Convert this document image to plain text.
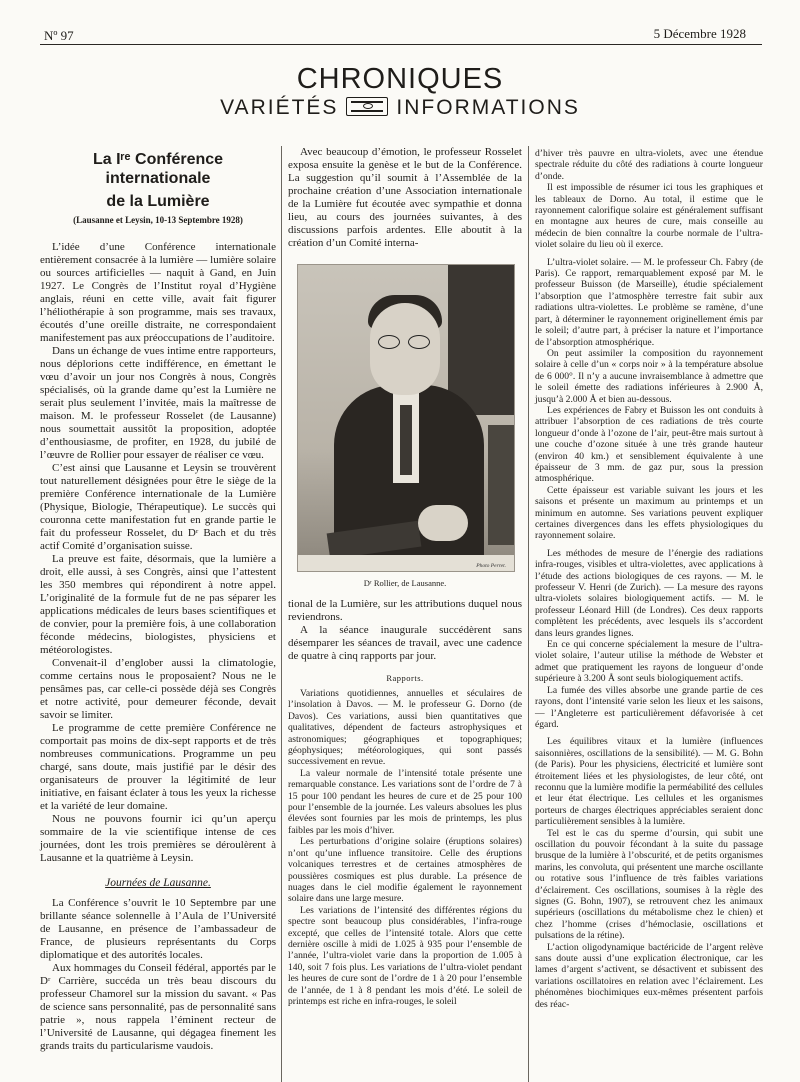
Nº 97	5 Décembre 1928
CHRONIQUES
VARIÉTÉS	INFORMATIONS
La Iʳᵉ Conférence internationale
de la Lumière
(Lausanne et Leysin, 10-13 Septembre 1928)

L’idée d’une Conférence internationale entièrement consacrée à la lumière — lumière solaire ou sources artificielles — naquit à Gand, en Juin 1927. Le Congrès de l’Institut royal d’Hygiène anglais, réuni en cette ville, avait fait figurer l’héliothérapie à son programme, mais ses travaux, écoutés d’une oreille distraite, ne correspondaient manifestement pas aux préoccupations de l’auditoire.

Dans un échange de vues intime entre rapporteurs, nous déplorions cette indifférence, en émettant le vœu d’avoir un jour nos Congrès à nous, Congrès spécialisés, où la grande dame qu’est la Lumière ne serait plus seulement l’invitée, mais la maîtresse de maison. M. le professeur Rosselet (de Lausanne) nous soumettait aussitôt la proposition, adoptée d’enthousiasme, de profiter, en 1928, du jubilé de l’œuvre de Rollier pour essayer de réaliser ce vœu.

C’est ainsi que Lausanne et Leysin se trouvèrent tout naturellement désignées pour être le siège de la première Conférence internationale de la Lumière (Physique, Biologie, Thérapeutique). Le succès qui couronna cette manifestation fut en grande partie le fait du professeur Rosselet, du Dʳ Bach et du très actif Comité d’organisation suisse.

La preuve est faite, désormais, que la lumière a droit, elle aussi, à ses Congrès, ainsi que l’attestent les 350 membres qui répondirent à notre appel. L’originalité de la formule fut de ne pas séparer les applications médicales de leurs bases scientifiques et de convier, pour la première fois, à une collaboration féconde médecins, biologistes, physiciens et météorologistes.

Convenait-il d’englober aussi la climatologie, comme certains nous le proposaient? Nous ne le pensâmes pas, car celle-ci possède déjà ses Congrès et notre activité, pour demeurer féconde, devait savoir se limiter.

Le programme de cette première Conférence ne comportait pas moins de dix-sept rapports et de très nombreuses communications. Programme un peu chargé, sans doute, mais justifié par le désir des organisateurs de prouver la légitimité de leur initiative, en faisant éclater à tous les yeux la richesse et la variété de leur domaine.

Nous ne pouvons fournir ici qu’un aperçu sommaire de la vie scientifique intense de ces journées, dont les trois premières se déroulèrent à Lausanne et la quatrième à Leysin.

Journées de Lausanne.

La Conférence s’ouvrit le 10 Septembre par une brillante séance solennelle à l’Aula de l’Université de Lausanne, en présence de l’ambassadeur de France, de plusieurs représentants du Corps diplomatique et des autorités locales.

Aux hommages du Conseil fédéral, apportés par le Dʳ Carrière, succéda un très beau discours du professeur Chamorel sur la mission du savant. « Pas de science sans personnalité, pas de personnalité sans patrie », nous rappela l’éminent recteur de l’Université de Lausanne, qui dégagea finement les grands traits du particularisme vaudois.

Avec beaucoup d’émotion, le professeur Rosselet exposa ensuite la genèse et le but de la Conférence. La suggestion qu’il soumit à l’Assemblée de la prochaine création d’une Association internationale de la Lumière fut écoutée avec sympathie et donna lieu, au cours des journées suivantes, à des discussions parfois ardentes. Elle aboutit à la création d’un Comité interna-

Photo Perret.
Dʳ Rollier, de Lausanne.

tional de la Lumière, sur les attributions duquel nous reviendrons.

A la séance inaugurale succédèrent sans désemparer les séances de travail, avec une cadence de quatre à cinq rapports par jour.

Rapports.

Variations quotidiennes, annuelles et séculaires de l’insolation à Davos. — M. le professeur G. Dorno (de Davos). Ces variations, aussi bien quantitatives que qualitatives, dépendent de facteurs astrophysiques et astronomiques; géographiques et topographiques; géophysiques; météorologiques, qui sont passés successivement en revue.

La valeur normale de l’intensité totale présente une remarquable constance. Les variations sont de l’ordre de 7 à 15 pour 100 pendant les heures de cure et de 25 pour 100 pour l’ensemble de la journée. Les valeurs absolues les plus élevées sont fournies par les mois de printemps, les plus faibles par les mois d’hiver.

Les perturbations d’origine solaire (éruptions solaires) n’ont qu’une influence transitoire. Celle des éruptions volcaniques terrestres et de certaines atmosphères de poussières cosmiques est plus durable. La présence de nuages dans le ciel modifie également le rayonnement solaire dans une large mesure.

Les variations de l’intensité des différentes régions du spectre sont beaucoup plus considérables, l’infra-rouge excepté, que celles de l’intensité totale. Alors que cette dernière oscille à midi de 1.025 à 935 pour l’ensemble de l’année, l’ultra-violet varie dans la proportion de 1.005 à 140, soit 7 fois plus. Les variations de l’ultra-violet pendant les heures de cure sont de l’ordre de 1 à 20 pour l’ensemble de l’année, de 1 à 8 pendant les mois d’été. Le soleil de printemps est riche en infra-rouges, le soleil

d’hiver très pauvre en ultra-violets, avec une étendue spectrale réduite du côté des radiations à courte longueur d’onde.

Il est impossible de résumer ici tous les graphiques et les tableaux de Dorno. Au total, il estime que le rayonnement calorifique solaire est généralement suffisant en montagne aux heures de cure, mais conseille au médecin de bien connaître la courbe normale de l’ultra-violet solaire du lieu où il exerce.

L’ultra-violet solaire. — M. le professeur Ch. Fabry (de Paris). Ce rapport, remarquablement exposé par M. le professeur Buisson (de Marseille), étudie spécialement l’absorption que l’atmosphère terrestre fait subir aux radiations ultra-violettes. Le problème se ramène, d’une part, à déterminer le rayonnement originellement émis par le soleil; d’autre part, à préciser la nature et l’importance de l’absorption atmosphérique.

On peut assimiler la composition du rayonnement solaire à celle d’un « corps noir » à la température absolue de 6 000°. Il n’y a aucune invraisemblance à admettre que le soleil émette des radiations inférieures à 2.900 Å, jusqu’à 2.000 Å et bien au-dessous.

Les expériences de Fabry et Buisson les ont conduits à attribuer l’absorption de ces radiations de très courte longueur d’onde à l’ozone de l’air, peut-être mais surtout à une couche d’ozone située à une très grande hauteur (environ 40 km.) et sensiblement équivalente à une épaisseur de 3 mm. de gaz pur, sous la pression atmosphérique.

Cette épaisseur est variable suivant les jours et les saisons et présente un maximum au printemps et un minimum en automne. Ses variations peuvent expliquer certaines divergences dans les effets physiologiques du rayonnement solaire.

Les méthodes de mesure de l’énergie des radiations infra-rouges, visibles et ultra-violettes, avec applications à l’étude des actions biologiques de ces rayons. — M. le professeur V. Henri (de Zurich). — La mesure des rayons ultra-violets solaires biologiquement actifs. — M. le professeur Léonard Hill (de Londres). Ces deux rapports complètent les précédents, avec lesquels ils s’accordent dans leurs grandes lignes.

En ce qui concerne spécialement la mesure de l’ultra-violet solaire, l’auteur utilise la méthode de Webster et admet que pratiquement les rayons de longueur d’onde supérieure à 3.200 Å sont seuls biologiquement actifs.

La fumée des villes absorbe une grande partie de ces rayons, dont l’intensité varie selon les lieux et les saisons, — l’Angleterre est particulièrement défavorisée à cet égard.

Les équilibres vitaux et la lumière (influences saisonnières, oscillations de la sensibilité). — M. G. Bohn (de Paris). Pour les physiciens, électricité et lumière sont étroitement liées et les physiologistes, de leur côté, ont reconnu que la lumière modifie la perméabilité des cellules et leur état électrique. Les cellules et les organismes porteurs de charges électriques appréciables seraient donc particulièrement sensibles à la lumière.

Tel est le cas du sperme d’oursin, qui subit une oscillation du pouvoir fécondant à la suite du passage brusque de la lumière à l’obscurité, et de petits organismes marins, les convoluta, qui présentent une marche oscillante ou rotative sous l’influence de très faibles variations d’éclairement. Ces oscillations, soumises à la règle des signes (G. Bohn, 1907), se retrouvent chez les animaux supérieurs (oscillations du métabolisme chez le chien) et chez l’homme (crises d’hémoclasie, oscillations et pulsations de la rétine).

L’action oligodynamique bactéricide de l’argent relève sans doute aussi d’une explication électronique, car les lames d’argent s’activent, se désactivent et subissent des variations oscillatoires en relation avec l’éclairement. Les phénomènes biochimiques eux-mêmes présentent parfois des réac-
